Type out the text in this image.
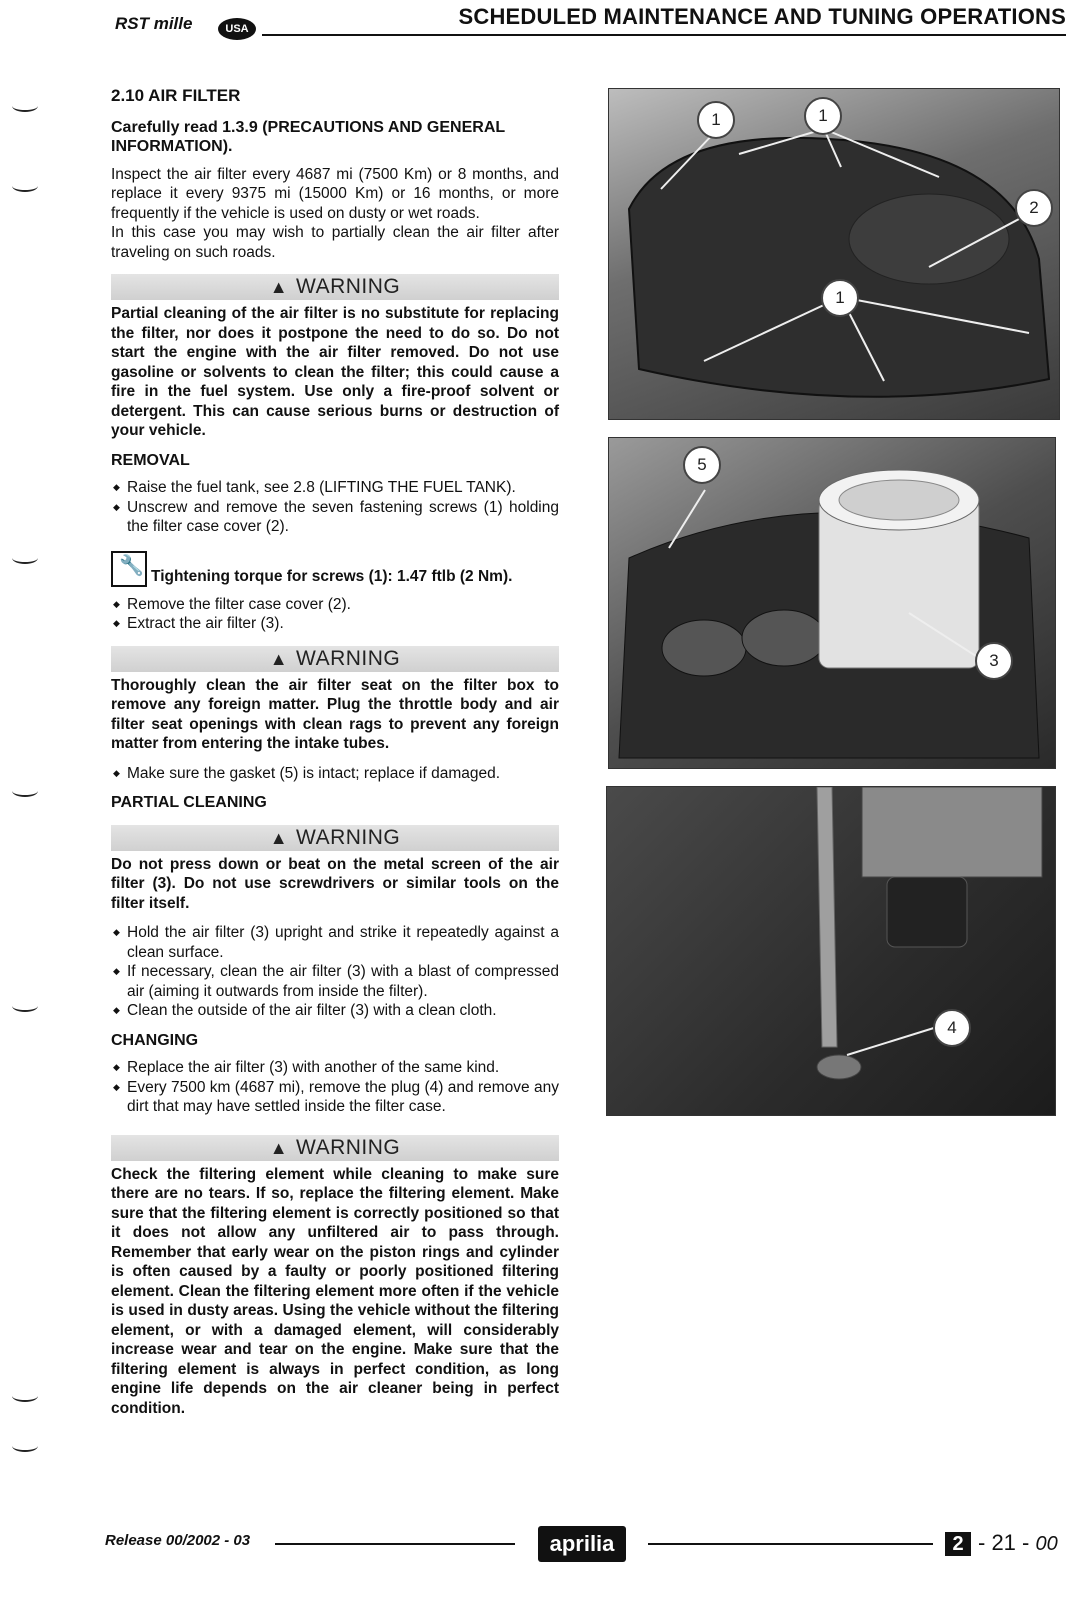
RST mille	USA	SCHEDULED MAINTENANCE AND TUNING OPERATIONS
2.10 AIR FILTER
Carefully read 1.3.9 (PRECAUTIONS AND GENERAL INFORMATION).

Inspect the air filter every 4687 mi (7500 Km) or 8 months, and replace it every 9375 mi (15000 Km) or 16 months, or more frequently if the vehicle is used on dusty or wet roads.

In this case you may wish to partially clean the air filter after traveling on such roads.

▲ WARNING

Partial cleaning of the air filter is no substitute for replacing the filter, nor does it postpone the need to do so. Do not start the engine with the air filter removed. Do not use gasoline or solvents to clean the filter; this could cause a fire in the fuel system. Use only a fire-proof solvent or detergent. This can cause serious burns or destruction of your vehicle.

REMOVAL
◆ Raise the fuel tank, see 2.8 (LIFTING THE FUEL TANK).
◆ Unscrew and remove the seven fastening screws (1) holding the filter case cover (2).
🔧 Tightening torque for screws (1): 1.47 ftlb (2 Nm).
◆ Remove the filter case cover (2).
◆ Extract the air filter (3).
▲ WARNING

Thoroughly clean the air filter seat on the filter box to remove any foreign matter. Plug the throttle body and air filter seat openings with clean rags to prevent any foreign matter from entering the intake tubes.

◆ Make sure the gasket (5) is intact; replace if damaged.
PARTIAL CLEANING
▲ WARNING

Do not press down or beat on the metal screen of the air filter (3). Do not use screwdrivers or similar tools on the filter itself.

◆ Hold the air filter (3) upright and strike it repeatedly against a clean surface.
◆ If necessary, clean the air filter (3) with a blast of compressed air (aiming it outwards from inside the filter).
◆ Clean the outside of the air filter (3) with a clean cloth.
CHANGING
◆ Replace the air filter (3) with another of the same kind.
◆ Every 7500 km (4687 mi), remove the plug (4) and remove any dirt that may have settled inside the filter case.
▲ WARNING

Check the filtering element while cleaning to make sure there are no tears. If so, replace the filtering element. Make sure that the filtering element is correctly positioned so that it does not allow any unfiltered air to pass through. Remember that early wear on the piston rings and cylinder is often caused by a faulty or poorly positioned filtering element. Clean the filtering element more often if the vehicle is used in dusty areas. Using the vehicle without the filtering element, or with a damaged element, will considerably increase wear and tear on the engine. Make sure that the filtering element is always in perfect condition, as long engine life depends on the air cleaner being in perfect condition.

1	1
2
1
5
3
4
Release 00/2002 - 03	aprilia	2 - 21 - 00
